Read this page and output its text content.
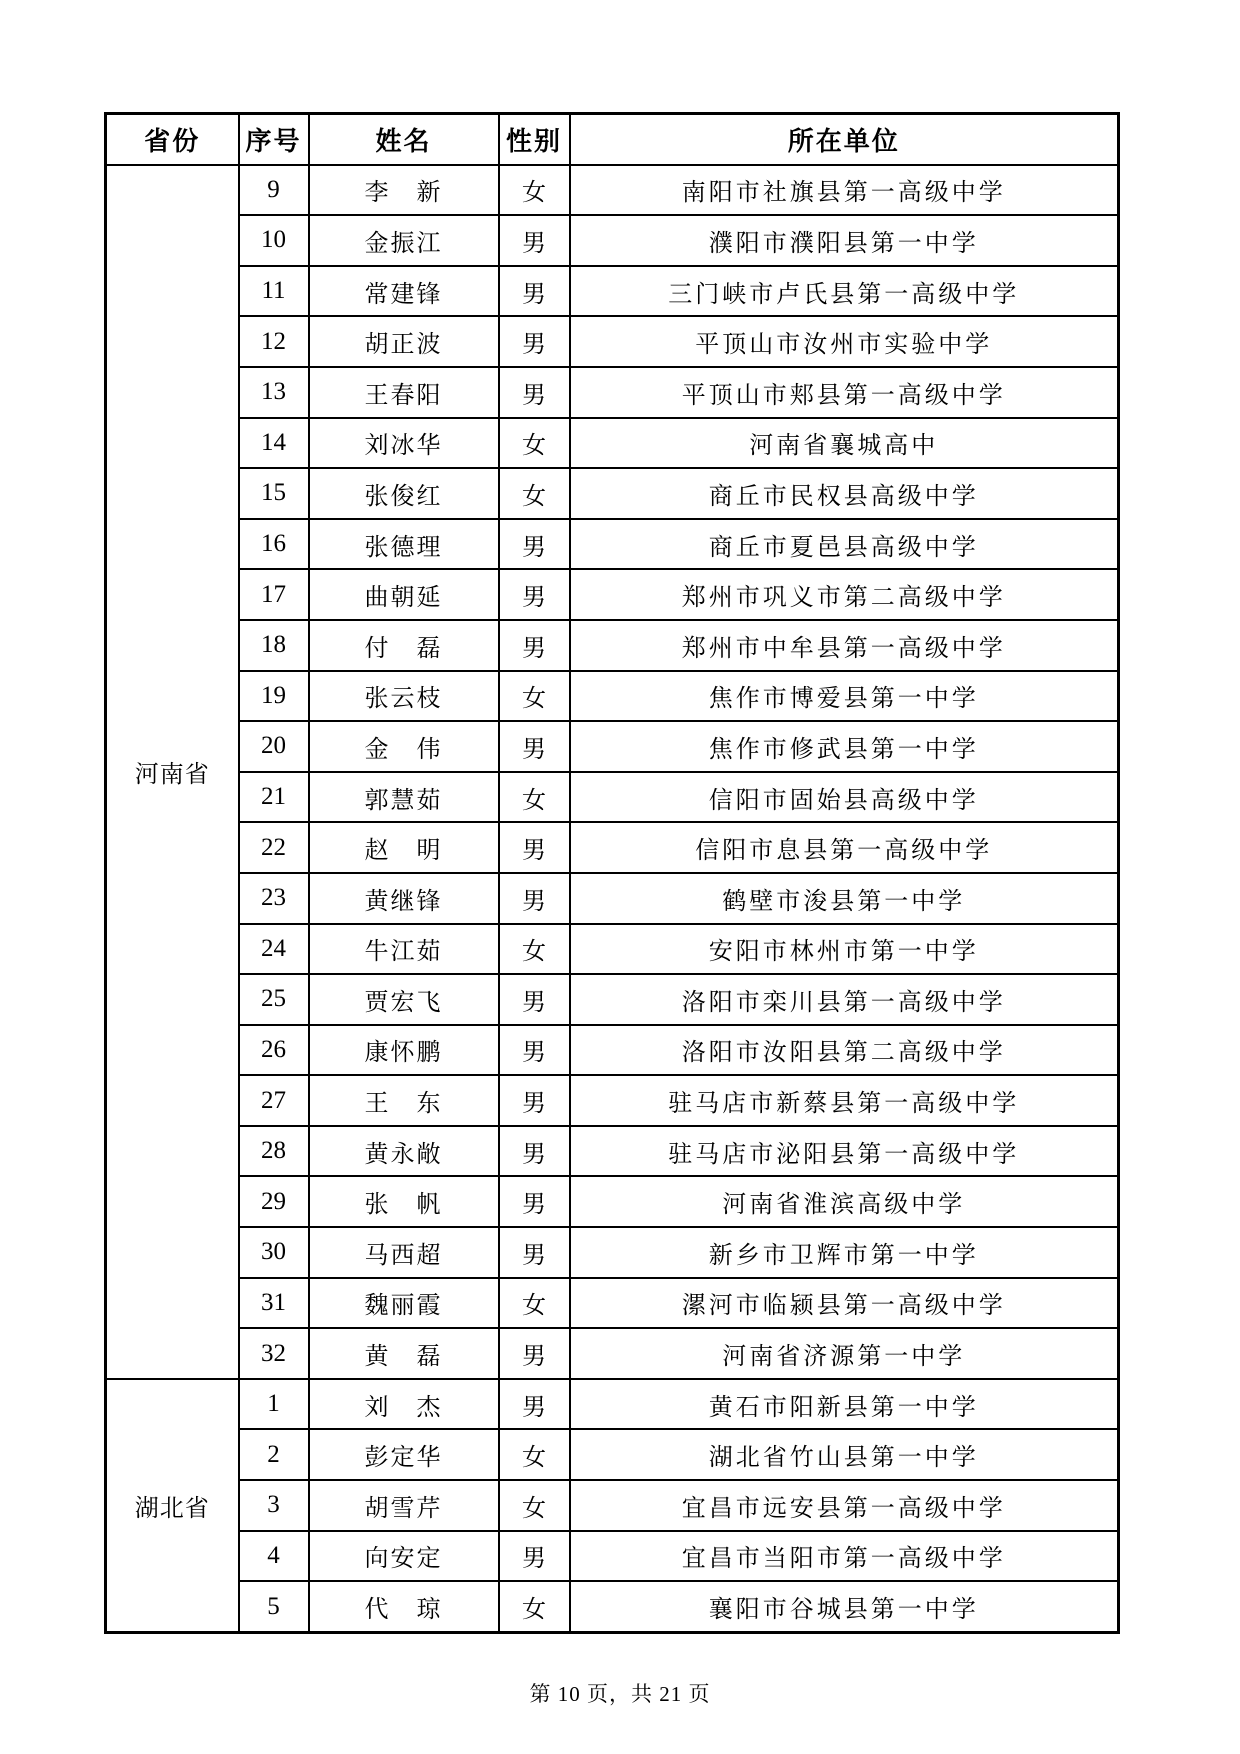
省份	序号	姓名	性别	所在单位
河南省	9	李　新	女	南阳市社旗县第一高级中学
	10	金振江	男	濮阳市濮阳县第一中学
	11	常建锋	男	三门峡市卢氏县第一高级中学
	12	胡正波	男	平顶山市汝州市实验中学
	13	王春阳	男	平顶山市郏县第一高级中学
	14	刘冰华	女	河南省襄城高中
	15	张俊红	女	商丘市民权县高级中学
	16	张德理	男	商丘市夏邑县高级中学
	17	曲朝延	男	郑州市巩义市第二高级中学
	18	付　磊	男	郑州市中牟县第一高级中学
	19	张云枝	女	焦作市博爱县第一中学
	20	金　伟	男	焦作市修武县第一中学
	21	郭慧茹	女	信阳市固始县高级中学
	22	赵　明	男	信阳市息县第一高级中学
	23	黄继锋	男	鹤壁市浚县第一中学
	24	牛江茹	女	安阳市林州市第一中学
	25	贾宏飞	男	洛阳市栾川县第一高级中学
	26	康怀鹏	男	洛阳市汝阳县第二高级中学
	27	王　东	男	驻马店市新蔡县第一高级中学
	28	黄永敞	男	驻马店市泌阳县第一高级中学
	29	张　帆	男	河南省淮滨高级中学
	30	马西超	男	新乡市卫辉市第一中学
	31	魏丽霞	女	漯河市临颍县第一高级中学
	32	黄　磊	男	河南省济源第一中学
湖北省	1	刘　杰	男	黄石市阳新县第一中学
	2	彭定华	女	湖北省竹山县第一中学
	3	胡雪芹	女	宜昌市远安县第一高级中学
	4	向安定	男	宜昌市当阳市第一高级中学
	5	代　琼	女	襄阳市谷城县第一中学
第 10 页，共 21 页
